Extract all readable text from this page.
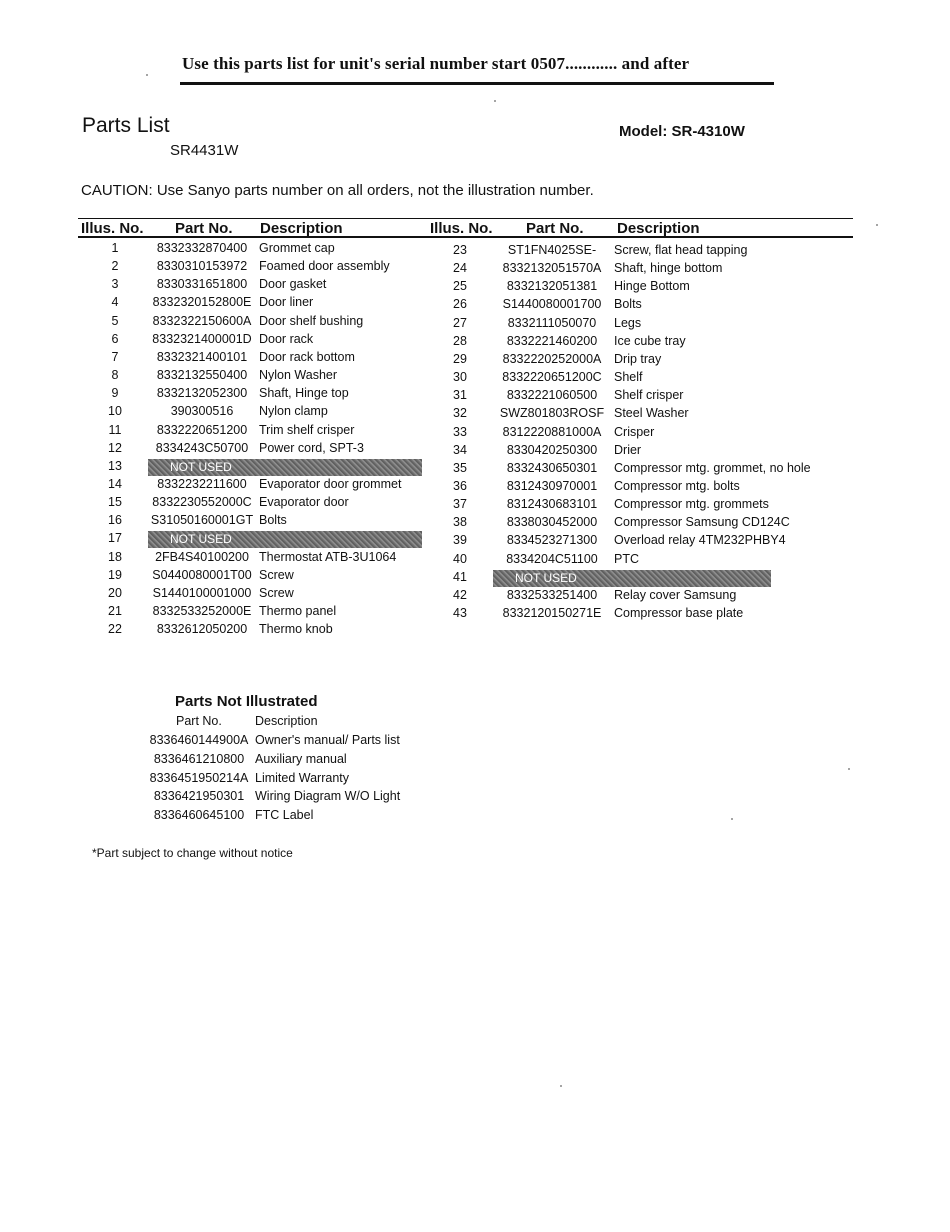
Use this parts list for unit's serial number start 0507............ and after
Parts List
SR4431W
Model: SR-4310W
CAUTION: Use Sanyo parts number on all orders, not the illustration number.
Illus. No. Part No. Description	Illus. No. Part No. Description
1	8332332870400 Grommet cap
2	8330310153972 Foamed door assembly
3	8330331651800 Door gasket
4	8332320152800E Door liner
5	8332322150600A Door shelf bushing
6	8332321400001D Door rack
7	8332321400101 Door rack bottom
8	8332132550400 Nylon Washer
9	8332132052300 Shaft, Hinge top
10	390300516	Nylon clamp
11	8332220651200 Trim shelf crisper
12	8334243C50700 Power cord, SPT-3
13	NOT USED
14	8332232211600 Evaporator door grommet
15	8332230552000C Evaporator door
16	S31050160001GT Bolts
17	NOT USED
18	2FB4S40100200 Thermostat ATB-3U1064
19	S0440080001T00 Screw
20	S1440100001000 Screw
21	8332533252000E Thermo panel
22	8332612050200 Thermo knob
23	ST1FN4025SE-	Screw, flat head tapping
24	8332132051570A	Shaft, hinge bottom
25	8332132051381	Hinge Bottom
26	S1440080001700	Bolts
27	8332111050070	Legs
28	8332221460200	Ice cube tray
29	8332220252000A	Drip tray
30	8332220651200C Shelf
31	8332221060500	Shelf crisper
32	SWZ801803ROSF Steel Washer
33	8312220881000A	Crisper
34	8330420250300	Drier
35	8332430650301	Compressor mtg. grommet, no hole
36	8312430970001	Compressor mtg. bolts
37	8312430683101	Compressor mtg. grommets
38	8338030452000	Compressor Samsung CD124C
39	8334523271300	Overload relay 4TM232PHBY4
40	8334204C51100	PTC
41	NOT USED
42	8332533251400	Relay cover Samsung
43	8332120150271E	Compressor base plate
Parts Not Illustrated
Part No.	Description
8336460144900A Owner's manual/ Parts list
8336461210800 Auxiliary manual
8336451950214A Limited Warranty
8336421950301 Wiring Diagram W/O Light
8336460645100 FTC Label
*Part subject to change without notice
